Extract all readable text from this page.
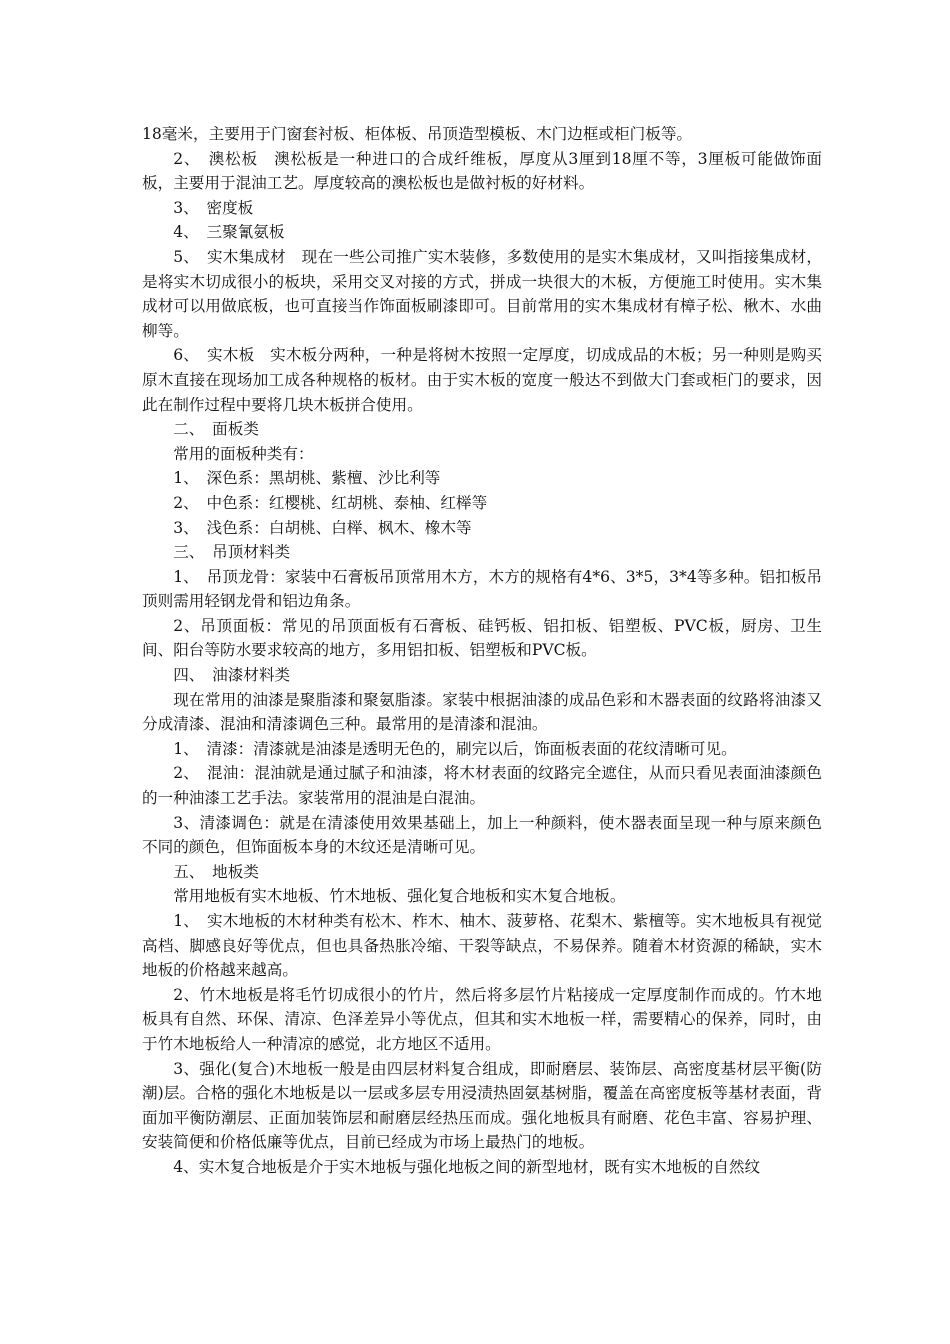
18毫米，主要用于门窗套衬板、柜体板、吊顶造型模板、木门边框或柜门板等。

2、　澳松板　澳松板是一种进口的合成纤维板，厚度从3厘到18厘不等，3厘板可能做饰面板，主要用于混油工艺。厚度较高的澳松板也是做衬板的好材料。

3、　密度板

4、　三聚氰氨板

5、　实木集成材　现在一些公司推广实木装修，多数使用的是实木集成材，又叫指接集成材，是将实木切成很小的板块，采用交叉对接的方式，拼成一块很大的木板，方便施工时使用。实木集成材可以用做底板，也可直接当作饰面板刷漆即可。目前常用的实木集成材有樟子松、楸木、水曲柳等。

6、　实木板　实木板分两种，一种是将树木按照一定厚度，切成成品的木板；另一种则是购买原木直接在现场加工成各种规格的板材。由于实木板的宽度一般达不到做大门套或柜门的要求，因此在制作过程中要将几块木板拼合使用。

二、　面板类

常用的面板种类有：

1、　深色系：黑胡桃、紫檀、沙比利等

2、　中色系：红樱桃、红胡桃、泰柚、红榉等

3、　浅色系：白胡桃、白榉、枫木、橡木等

三、　吊顶材料类

1、　吊顶龙骨：家装中石膏板吊顶常用木方，木方的规格有4*6、3*5，3*4等多种。铝扣板吊顶则需用轻钢龙骨和铝边角条。

2、吊顶面板：常见的吊顶面板有石膏板、硅钙板、铝扣板、铝塑板、PVC板，厨房、卫生间、阳台等防水要求较高的地方，多用铝扣板、铝塑板和PVC板。

四、　油漆材料类

现在常用的油漆是聚脂漆和聚氨脂漆。家装中根据油漆的成品色彩和木器表面的纹路将油漆又分成清漆、混油和清漆调色三种。最常用的是清漆和混油。

1、　清漆：清漆就是油漆是透明无色的，刷完以后，饰面板表面的花纹清晰可见。

2、　混油：混油就是通过腻子和油漆，将木材表面的纹路完全遮住，从而只看见表面油漆颜色的一种油漆工艺手法。家装常用的混油是白混油。

3、清漆调色：就是在清漆使用效果基础上，加上一种颜料，使木器表面呈现一种与原来颜色不同的颜色，但饰面板本身的木纹还是清晰可见。

五、　地板类

常用地板有实木地板、竹木地板、强化复合地板和实木复合地板。

1、　实木地板的木材种类有松木、柞木、柚木、菠萝格、花梨木、紫檀等。实木地板具有视觉高档、脚感良好等优点，但也具备热胀冷缩、干裂等缺点，不易保养。随着木材资源的稀缺，实木地板的价格越来越高。

2、竹木地板是将毛竹切成很小的竹片，然后将多层竹片粘接成一定厚度制作而成的。竹木地板具有自然、环保、清凉、色泽差异小等优点，但其和实木地板一样，需要精心的保养，同时，由于竹木地板给人一种清凉的感觉，北方地区不适用。

3、强化(复合)木地板一般是由四层材料复合组成，即耐磨层、装饰层、高密度基材层平衡(防潮)层。合格的强化木地板是以一层或多层专用浸渍热固氨基树脂，覆盖在高密度板等基材表面，背面加平衡防潮层、正面加装饰层和耐磨层经热压而成。强化地板具有耐磨、花色丰富、容易护理、安装简便和价格低廉等优点，目前已经成为市场上最热门的地板。

4、实木复合地板是介于实木地板与强化地板之间的新型地材，既有实木地板的自然纹
